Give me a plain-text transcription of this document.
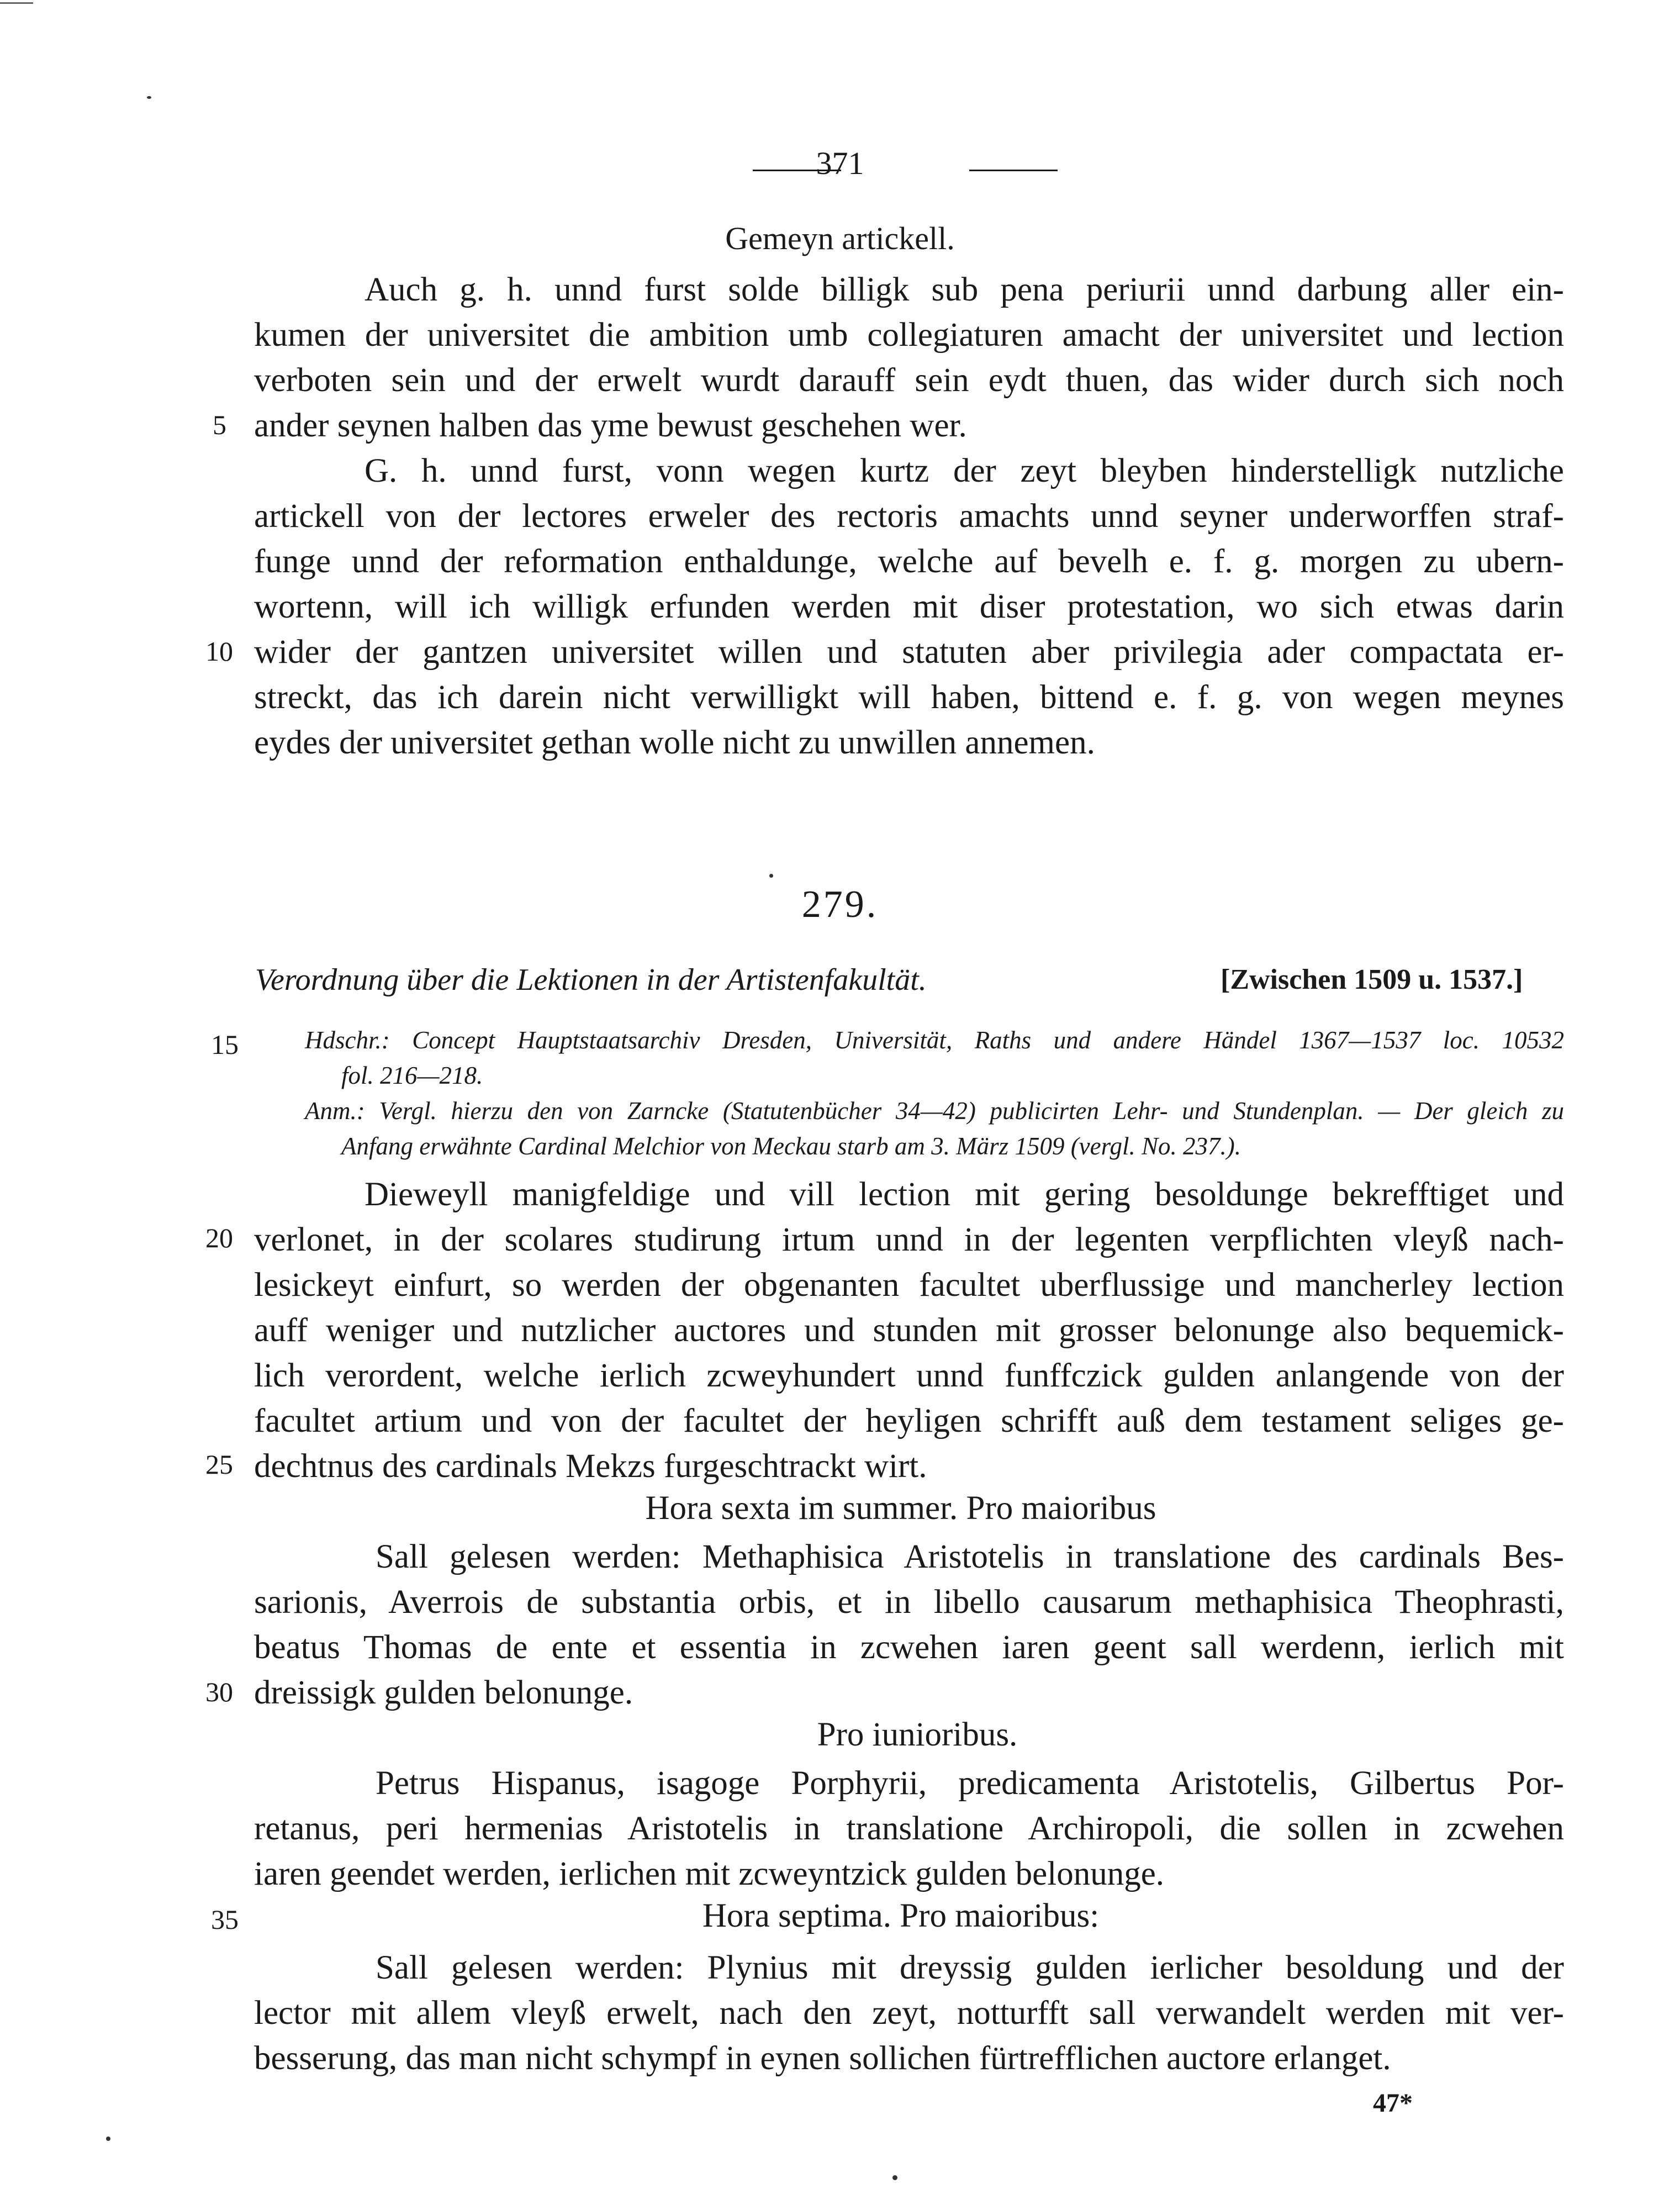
371
Gemeyn artickell.
Auch g. h. unnd furst solde billigk sub pena periurii unnd darbung aller ein-
kumen der universitet die ambition umb collegiaturen amacht der universitet und lection
verboten sein und der erwelt wurdt darauff sein eydt thuen, das wider durch sich noch
5 ander seynen halben das yme bewust geschehen wer.
G. h. unnd furst, vonn wegen kurtz der zeyt bleyben hinderstelligk nutzliche
artickell von der lectores erweler des rectoris amachts unnd seyner underworffen straf-
funge unnd der reformation enthaldunge, welche auf bevelh e. f. g. morgen zu ubern-
wortenn, will ich willigk erfunden werden mit diser protestation, wo sich etwas darin
10 wider der gantzen universitet willen und statuten aber privilegia ader compactata er-
streckt, das ich darein nicht verwilligkt will haben, bittend e. f. g. von wegen meynes
eydes der universitet gethan wolle nicht zu unwillen annemen.
279.
Verordnung über die Lektionen in der Artistenfakultät.	[Zwischen 1509 u. 1537.]
15	Hdschr.: Concept Hauptstaatsarchiv Dresden, Universität, Raths und andere Händel 1367—1537 loc. 10532
fol. 216—218.
Anm.: Vergl. hierzu den von Zarncke (Statutenbücher 34—42) publicirten Lehr- und Stundenplan. — Der gleich zu
Anfang erwähnte Cardinal Melchior von Meckau starb am 3. März 1509 (vergl. No. 237.).
Dieweyll manigfeldige und vill lection mit gering besoldunge bekrefftiget und
20 verlonet, in der scolares studirung irtum unnd in der legenten verpflichten vleyß nach-
lesickeyt einfurt, so werden der obgenanten facultet uberflussige und mancherley lection
auff weniger und nutzlicher auctores und stunden mit grosser belonunge also bequemick-
lich verordent, welche ierlich zcweyhundert unnd funffczick gulden anlangende von der
facultet artium und von der facultet der heyligen schrifft auß dem testament seliges ge-
25 dechtnus des cardinals Mekzs furgeschtrackt wirt.
Hora sexta im summer. Pro maioribus
Sall gelesen werden: Methaphisica Aristotelis in translatione des cardinals Bes-
sarionis, Averrois de substantia orbis, et in libello causarum methaphisica Theophrasti,
beatus Thomas de ente et essentia in zcwehen iaren geent sall werdenn, ierlich mit
30 dreissigk gulden belonunge.
Pro iunioribus.
Petrus Hispanus, isagoge Porphyrii, predicamenta Aristotelis, Gilbertus Por-
retanus, peri hermenias Aristotelis in translatione Archiropoli, die sollen in zcwehen
iaren geendet werden, ierlichen mit zcweyntzick gulden belonunge.
35	Hora septima. Pro maioribus:
Sall gelesen werden: Plynius mit dreyssig gulden ierlicher besoldung und der
lector mit allem vleyß erwelt, nach den zeyt, notturfft sall verwandelt werden mit ver-
besserung, das man nicht schympf in eynen sollichen fürtrefflichen auctore erlanget.
47*
